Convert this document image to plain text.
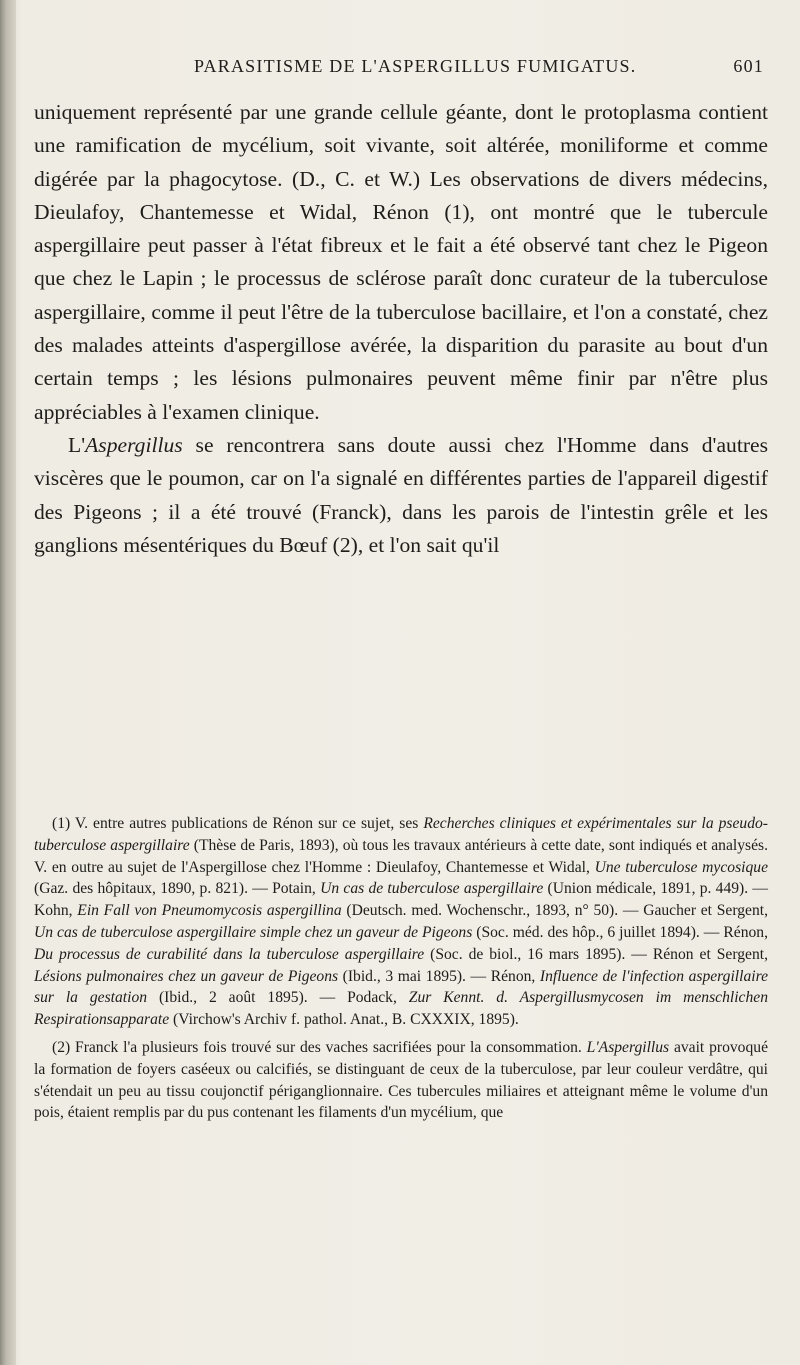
PARASITISME DE L'ASPERGILLUS FUMIGATUS.	601

uniquement représenté par une grande cellule géante, dont le protoplasma contient une ramification de mycélium, soit vivante, soit altérée, moniliforme et comme digérée par la phagocytose. (D., C. et W.) Les observations de divers médecins, Dieulafoy, Chantemesse et Widal, Rénon (1), ont montré que le tubercule aspergillaire peut passer à l'état fibreux et le fait a été observé tant chez le Pigeon que chez le Lapin ; le processus de sclérose paraît donc curateur de la tuberculose aspergillaire, comme il peut l'être de la tuberculose bacillaire, et l'on a constaté, chez des malades atteints d'aspergillose avérée, la disparition du parasite au bout d'un certain temps ; les lésions pulmonaires peuvent même finir par n'être plus appréciables à l'examen clinique.

L'Aspergillus se rencontrera sans doute aussi chez l'Homme dans d'autres viscères que le poumon, car on l'a signalé en différentes parties de l'appareil digestif des Pigeons ; il a été trouvé (Franck), dans les parois de l'intestin grêle et les ganglions mésentériques du Bœuf (2), et l'on sait qu'il

(1) V. entre autres publications de Rénon sur ce sujet, ses Recherches cliniques et expérimentales sur la pseudo-tuberculose aspergillaire (Thèse de Paris, 1893), où tous les travaux antérieurs à cette date, sont indiqués et analysés. V. en outre au sujet de l'Aspergillose chez l'Homme : Dieulafoy, Chantemesse et Widal, Une tuberculose mycosique (Gaz. des hôpitaux, 1890, p. 821). — Potain, Un cas de tuberculose aspergillaire (Union médicale, 1891, p. 449). — Kohn, Ein Fall von Pneumomycosis aspergillina (Deutsch. med. Wochenschr., 1893, n° 50). — Gaucher et Sergent, Un cas de tuberculose aspergillaire simple chez un gaveur de Pigeons (Soc. méd. des hôp., 6 juillet 1894). — Rénon, Du processus de curabilité dans la tuberculose aspergillaire (Soc. de biol., 16 mars 1895). — Rénon et Sergent, Lésions pulmonaires chez un gaveur de Pigeons (Ibid., 3 mai 1895). — Rénon, Influence de l'infection aspergillaire sur la gestation (Ibid., 2 août 1895). — Podack, Zur Kennt. d. Aspergillusmycosen im menschlichen Respirationsapparate (Virchow's Archiv f. pathol. Anat., B. CXXXIX, 1895).

(2) Franck l'a plusieurs fois trouvé sur des vaches sacrifiées pour la consommation. L'Aspergillus avait provoqué la formation de foyers caséeux ou calcifiés, se distinguant de ceux de la tuberculose, par leur couleur verdâtre, qui s'étendait un peu au tissu coujonctif périganglionnaire. Ces tubercules miliaires et atteignant même le volume d'un pois, étaient remplis par du pus contenant les filaments d'un mycélium, que
